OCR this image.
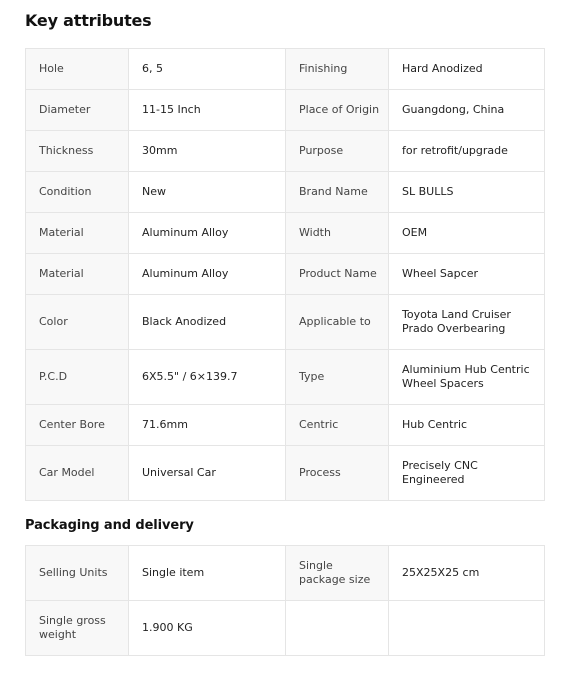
Key attributes
Hole	6, 5	Finishing	Hard Anodized
Diameter	11-15 Inch	Place of Origin	Guangdong, China
Thickness	30mm	Purpose	for retrofit/upgrade
Condition	New	Brand Name	SL BULLS
Material	Aluminum Alloy	Width	OEM
Material	Aluminum Alloy	Product Name	Wheel Sapcer
Color	Black Anodized	Applicable to	Toyota Land Cruiser Prado Overbearing
P.C.D	6X5.5" / 6×139.7	Type	Aluminium Hub Centric Wheel Spacers
Center Bore	71.6mm	Centric	Hub Centric
Car Model	Universal Car	Process	Precisely CNC Engineered
Packaging and delivery
Selling Units	Single item	Single package size	25X25X25 cm
Single gross weight	1.900 KG		
